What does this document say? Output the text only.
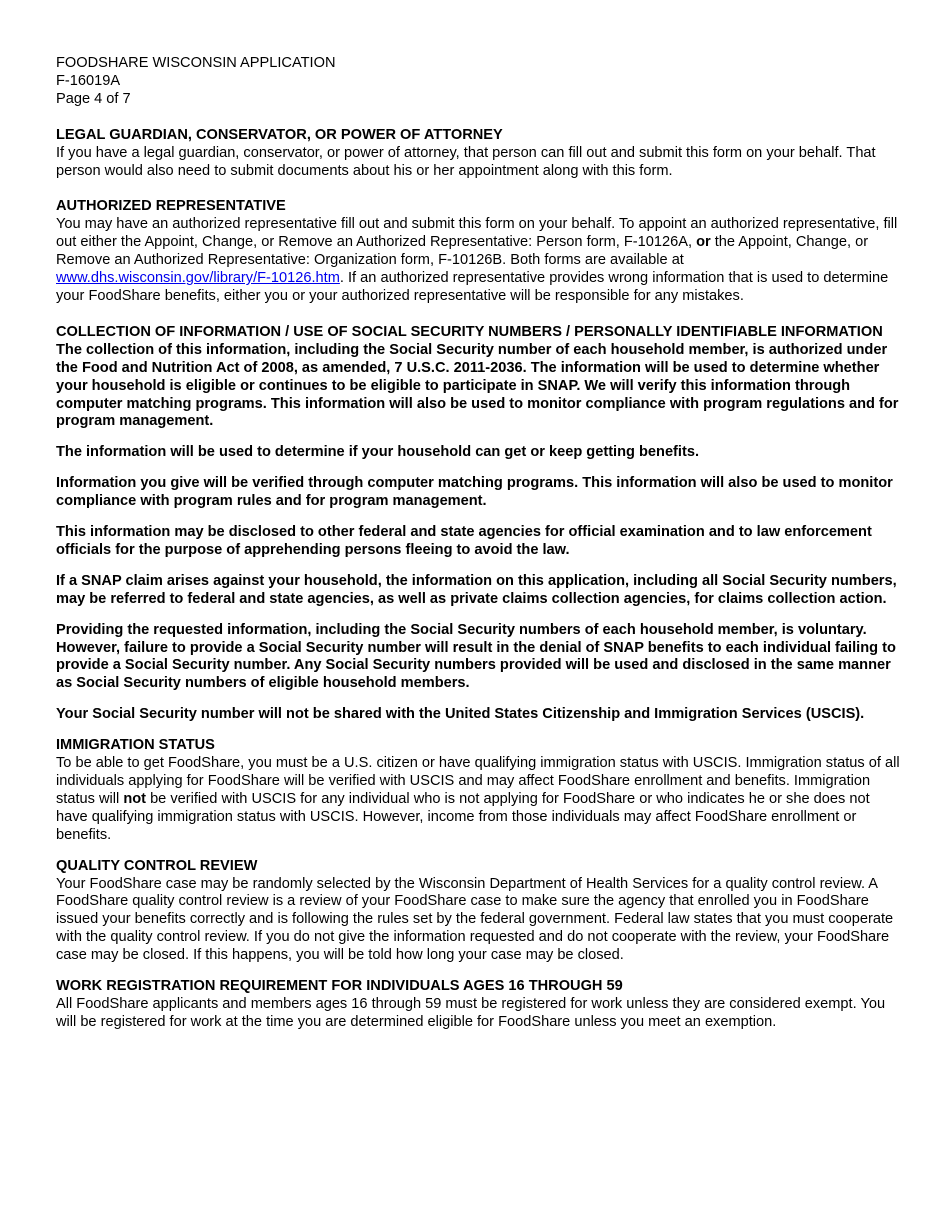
FOODSHARE WISCONSIN APPLICATION

F-16019A

Page 4 of 7

LEGAL GUARDIAN, CONSERVATOR, OR POWER OF ATTORNEY

If you have a legal guardian, conservator, or power of attorney, that person can fill out and submit this form on your behalf. That person would also need to submit documents about his or her appointment along with this form.

AUTHORIZED REPRESENTATIVE

You may have an authorized representative fill out and submit this form on your behalf. To appoint an authorized representative, fill out either the Appoint, Change, or Remove an Authorized Representative: Person form, F-10126A, or the Appoint, Change, or Remove an Authorized Representative: Organization form, F-10126B. Both forms are available at www.dhs.wisconsin.gov/library/F-10126.htm. If an authorized representative provides wrong information that is used to determine your FoodShare benefits, either you or your authorized representative will be responsible for any mistakes.

COLLECTION OF INFORMATION / USE OF SOCIAL SECURITY NUMBERS / PERSONALLY IDENTIFIABLE INFORMATION

The collection of this information, including the Social Security number of each household member, is authorized under the Food and Nutrition Act of 2008, as amended, 7 U.S.C. 2011-2036. The information will be used to determine whether your household is eligible or continues to be eligible to participate in SNAP. We will verify this information through computer matching programs. This information will also be used to monitor compliance with program regulations and for program management.

The information will be used to determine if your household can get or keep getting benefits.

Information you give will be verified through computer matching programs. This information will also be used to monitor compliance with program rules and for program management.

This information may be disclosed to other federal and state agencies for official examination and to law enforcement officials for the purpose of apprehending persons fleeing to avoid the law.

If a SNAP claim arises against your household, the information on this application, including all Social Security numbers, may be referred to federal and state agencies, as well as private claims collection agencies, for claims collection action.

Providing the requested information, including the Social Security numbers of each household member, is voluntary. However, failure to provide a Social Security number will result in the denial of SNAP benefits to each individual failing to provide a Social Security number. Any Social Security numbers provided will be used and disclosed in the same manner as Social Security numbers of eligible household members.

Your Social Security number will not be shared with the United States Citizenship and Immigration Services (USCIS).

IMMIGRATION STATUS

To be able to get FoodShare, you must be a U.S. citizen or have qualifying immigration status with USCIS. Immigration status of all individuals applying for FoodShare will be verified with USCIS and may affect FoodShare enrollment and benefits. Immigration status will not be verified with USCIS for any individual who is not applying for FoodShare or who indicates he or she does not have qualifying immigration status with USCIS. However, income from those individuals may affect FoodShare enrollment or benefits.

QUALITY CONTROL REVIEW

Your FoodShare case may be randomly selected by the Wisconsin Department of Health Services for a quality control review. A FoodShare quality control review is a review of your FoodShare case to make sure the agency that enrolled you in FoodShare issued your benefits correctly and is following the rules set by the federal government. Federal law states that you must cooperate with the quality control review. If you do not give the information requested and do not cooperate with the review, your FoodShare case may be closed. If this happens, you will be told how long your case may be closed.

WORK REGISTRATION REQUIREMENT FOR INDIVIDUALS AGES 16 THROUGH 59

All FoodShare applicants and members ages 16 through 59 must be registered for work unless they are considered exempt. You will be registered for work at the time you are determined eligible for FoodShare unless you meet an exemption.
